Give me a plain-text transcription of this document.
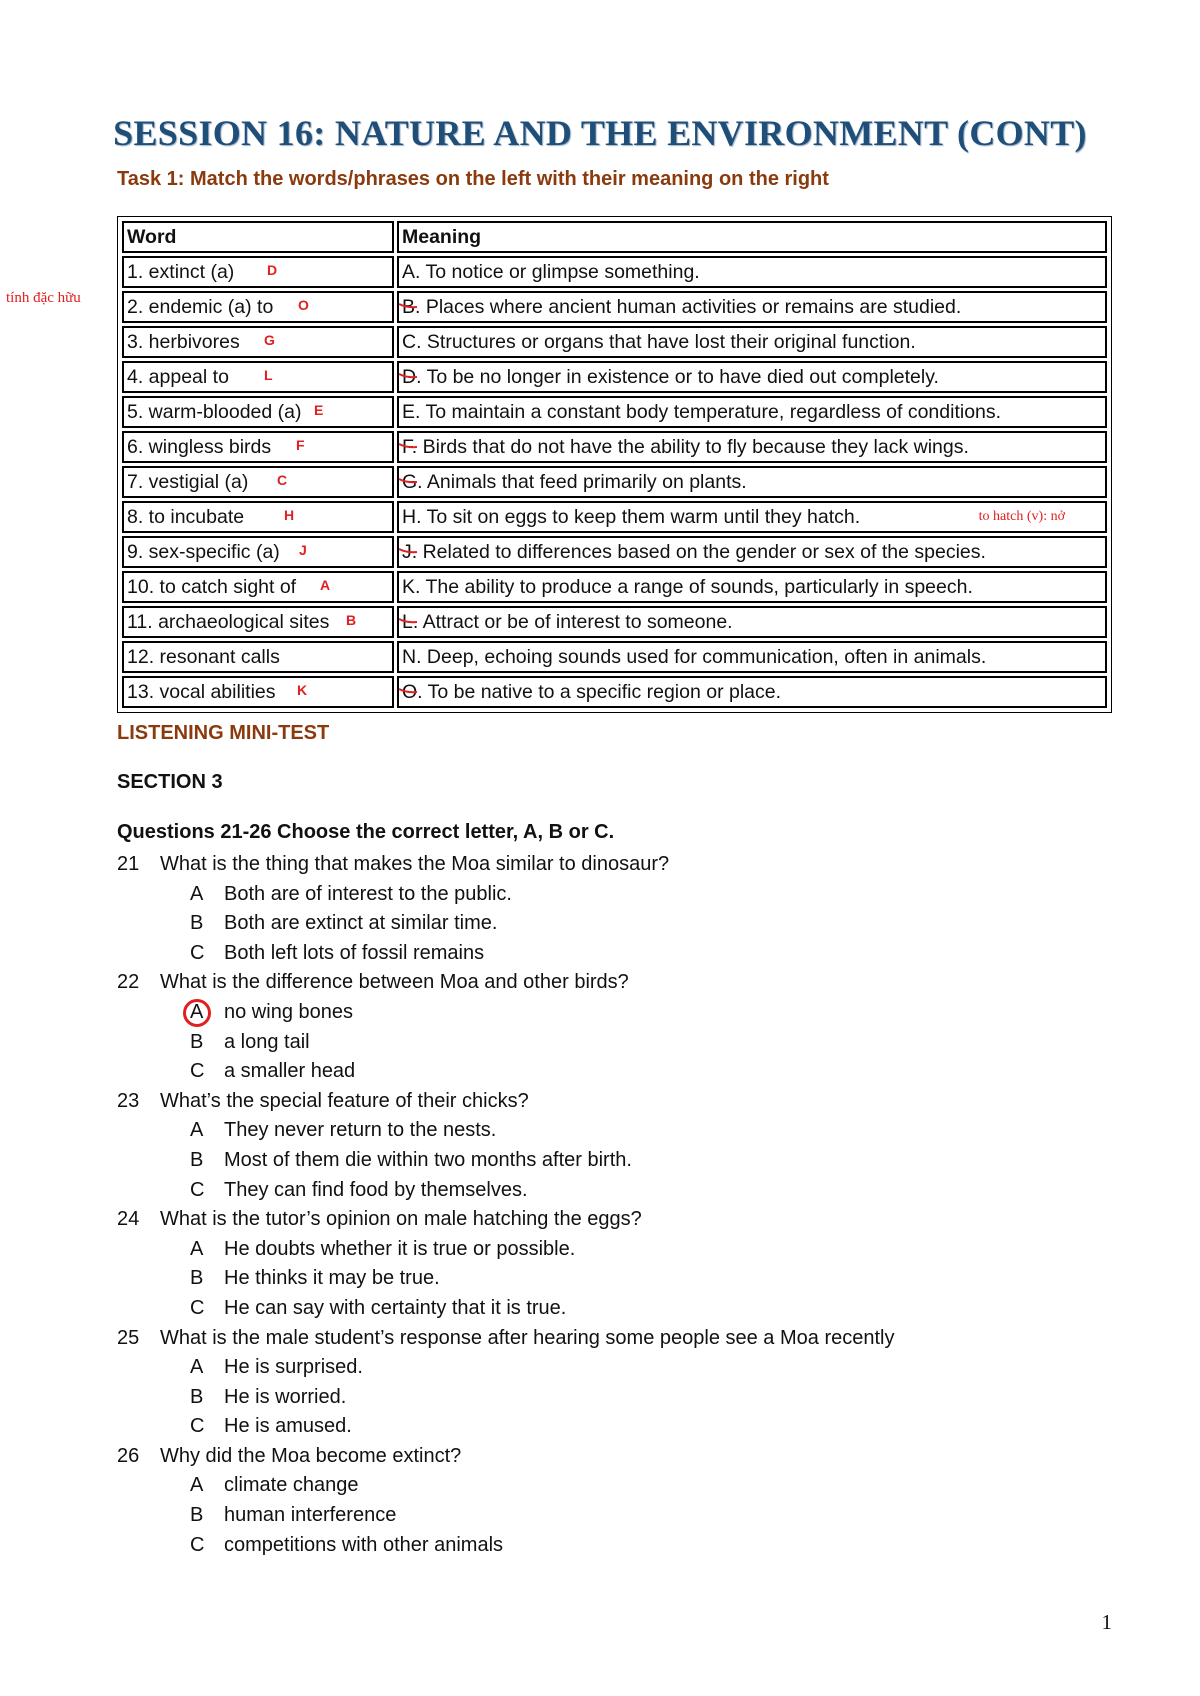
SESSION 16: NATURE AND THE ENVIRONMENT (CONT)
Task 1: Match the words/phrases on the left with their meaning on the right
tính đặc hữu
Word	Meaning
1. extinct (a) D	A. To notice or glimpse something.
2. endemic (a) to O	B. Places where ancient human activities or remains are studied.
3. herbivores G	C. Structures or organs that have lost their original function.
4. appeal to L	D. To be no longer in existence or to have died out completely.
5. warm-blooded (a) E	E. To maintain a constant body temperature, regardless of conditions.
6. wingless birds F	F. Birds that do not have the ability to fly because they lack wings.
7. vestigial (a) C	G. Animals that feed primarily on plants.
8. to incubate H	H. To sit on eggs to keep them warm until they hatch. to hatch (v): nở

9. sex-specific (a) J	J. Related to differences based on the gender or sex of the species.
10. to catch sight of A	K. The ability to produce a range of sounds, particularly in speech.
11. archaeological sites B	L. Attract or be of interest to someone.
12. resonant calls	N. Deep, echoing sounds used for communication, often in animals.
13. vocal abilities K	O. To be native to a specific region or place.
LISTENING MINI-TEST
SECTION 3
Questions 21-26 Choose the correct letter, A, B or C.
21	What is the thing that makes the Moa similar to dinosaur?
A	Both are of interest to the public.
B	Both are extinct at similar time.
C Both left lots of fossil remains
22	What is the difference between Moa and other birds?
A	no wing bones
B	a long tail
C a smaller head
23	What’s the special feature of their chicks?
A	They never return to the nests.
B	Most of them die within two months after birth.
C They can find food by themselves.
24	What is the tutor’s opinion on male hatching the eggs?
A	He doubts whether it is true or possible.
B	He thinks it may be true.
C He can say with certainty that it is true.
25	What is the male student’s response after hearing some people see a Moa recently
A	He is surprised.
B	He is worried.
C He is amused.
26	Why did the Moa become extinct?
A	climate change
B	human interference
C competitions with other animals
1
